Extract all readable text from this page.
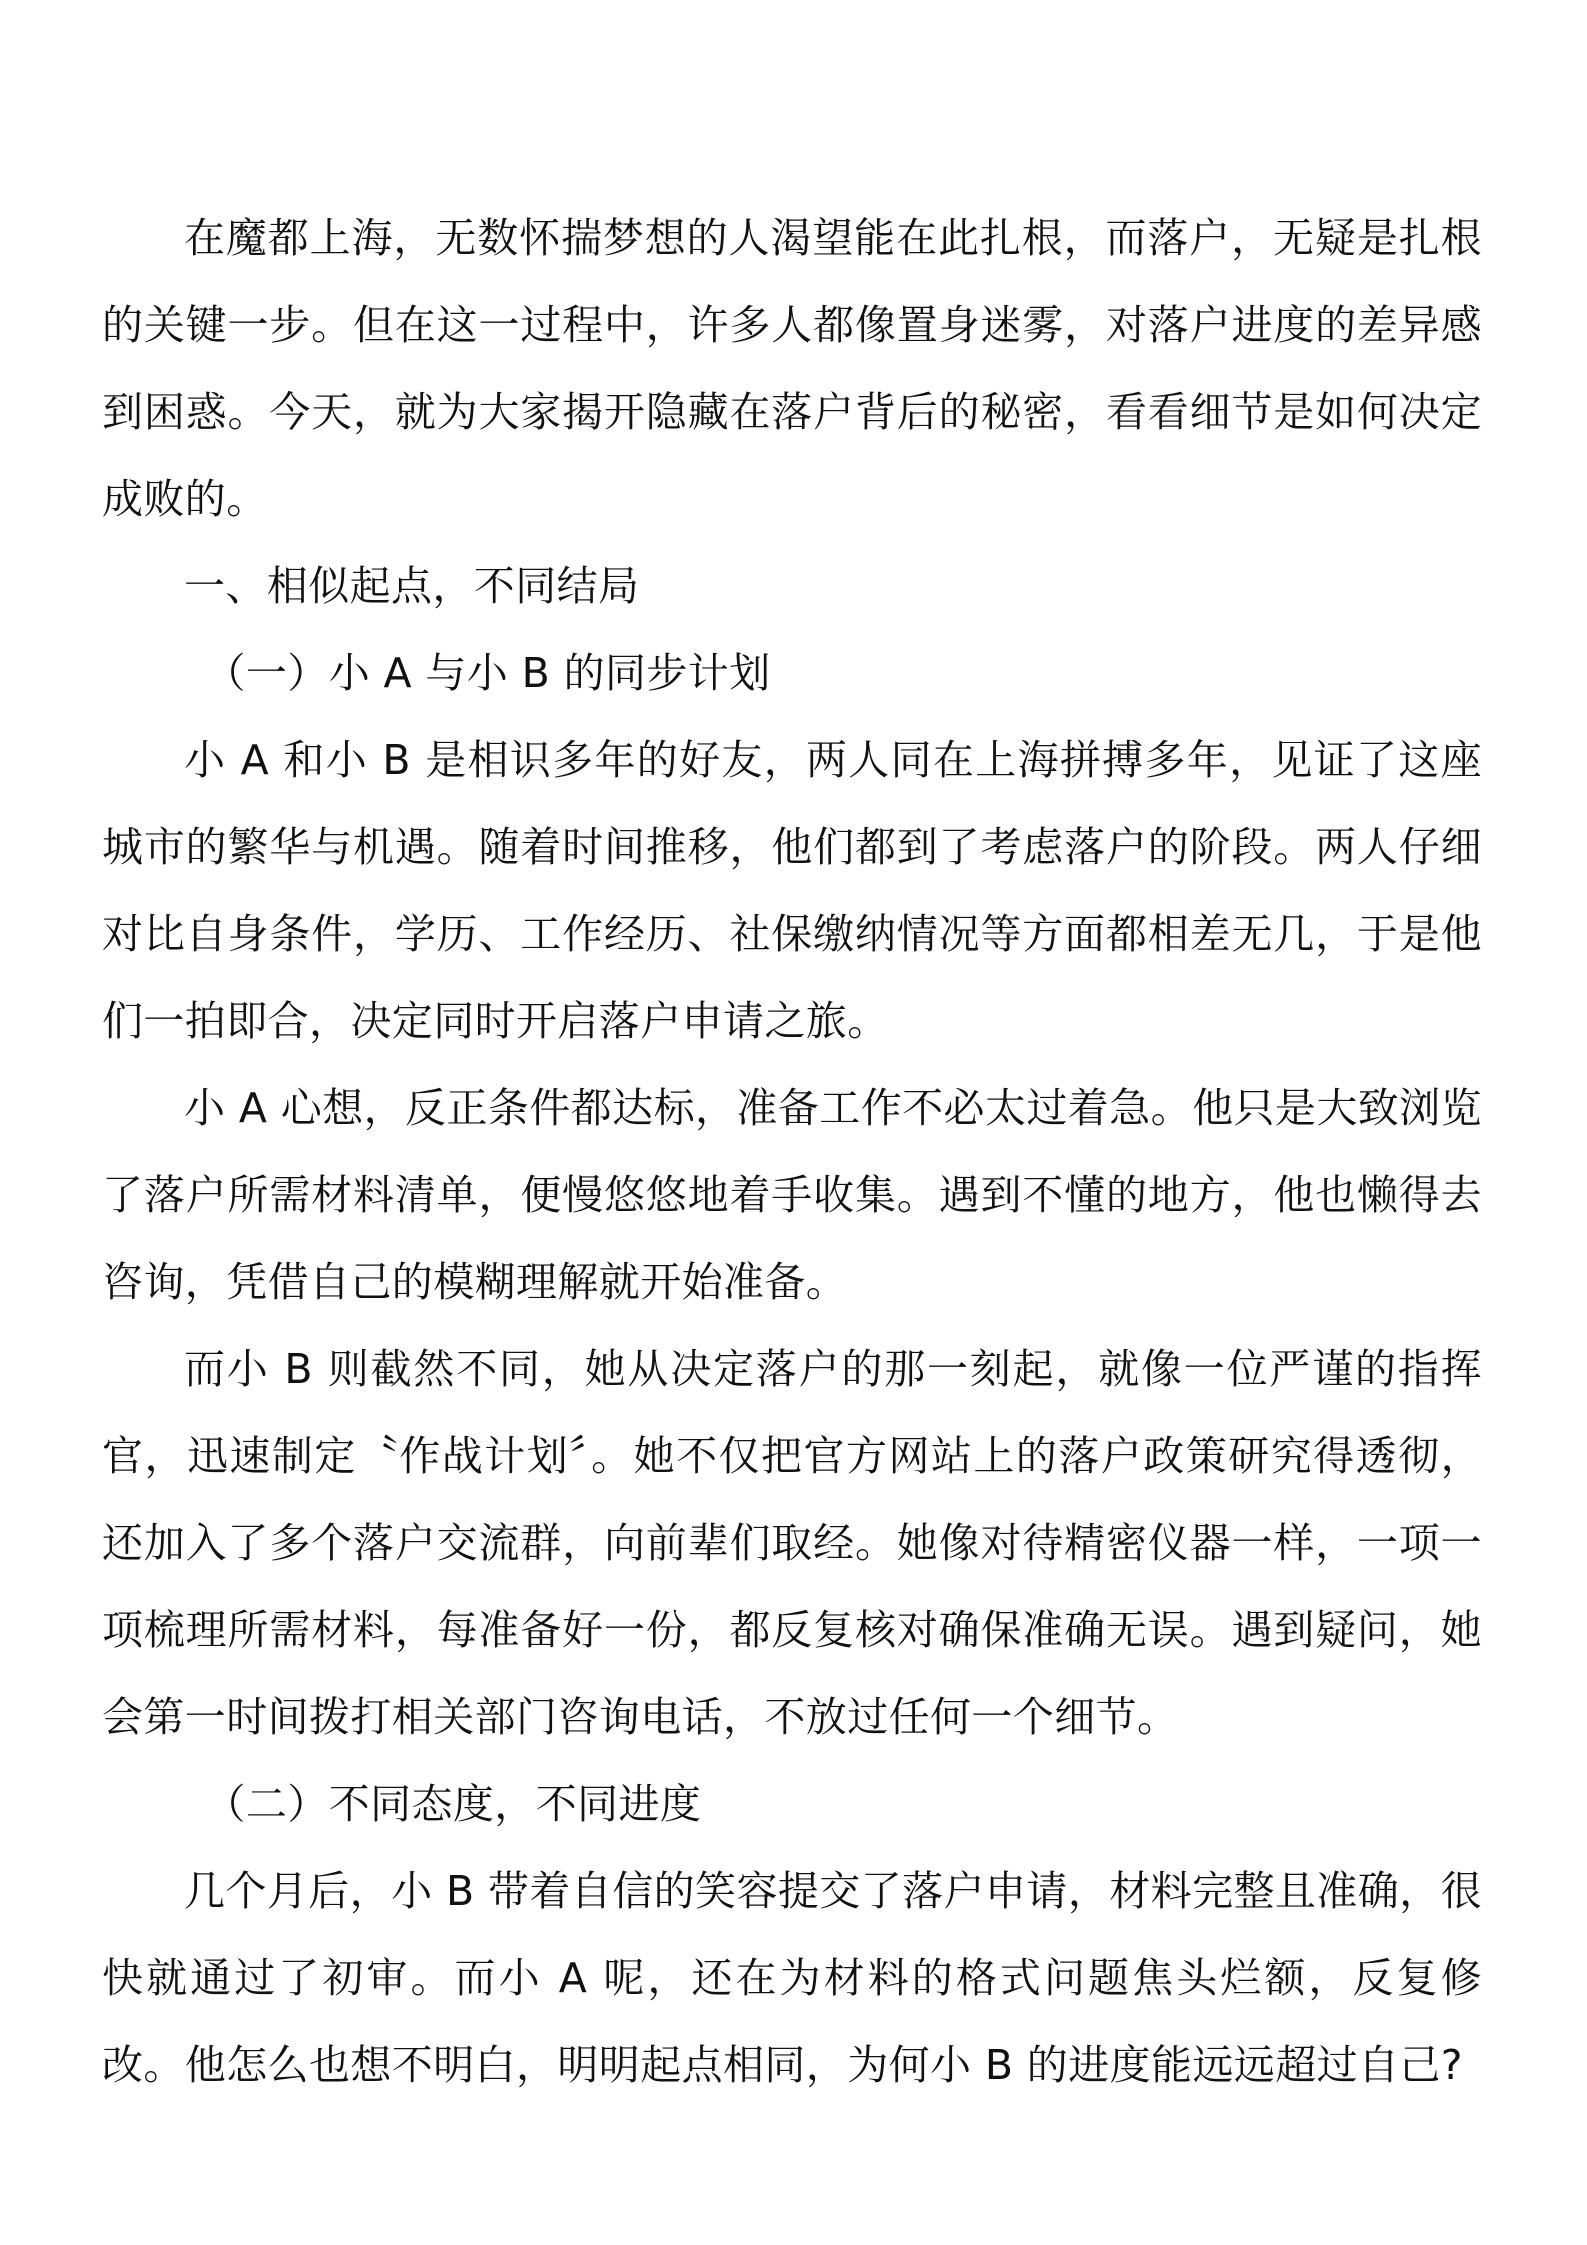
在魔都上海，无数怀揣梦想的人渴望能在此扎根，而落户，无疑是扎根的关键一步。但在这一过程中，许多人都像置身迷雾，对落户进度的差异感到困惑。今天，就为大家揭开隐藏在落户背后的秘密，看看细节是如何决定成败的。

一、相似起点，不同结局

（一）小 A 与小 B 的同步计划

小 A 和小 B 是相识多年的好友，两人同在上海拼搏多年，见证了这座城市的繁华与机遇。随着时间推移，他们都到了考虑落户的阶段。两人仔细对比自身条件，学历、工作经历、社保缴纳情况等方面都相差无几，于是他们一拍即合，决定同时开启落户申请之旅。

小 A 心想，反正条件都达标，准备工作不必太过着急。他只是大致浏览了落户所需材料清单，便慢悠悠地着手收集。遇到不懂的地方，他也懒得去咨询，凭借自己的模糊理解就开始准备。

而小 B 则截然不同，她从决定落户的那一刻起，就像一位严谨的指挥官，迅速制定〝作战计划〞。她不仅把官方网站上的落户政策研究得透彻，还加入了多个落户交流群，向前辈们取经。她像对待精密仪器一样，一项一项梳理所需材料，每准备好一份，都反复核对确保准确无误。遇到疑问，她会第一时间拨打相关部门咨询电话，不放过任何一个细节。

（二）不同态度，不同进度

几个月后，小 B 带着自信的笑容提交了落户申请，材料完整且准确，很快就通过了初审。而小 A 呢，还在为材料的格式问题焦头烂额，反复修改。他怎么也想不明白，明明起点相同，为何小 B 的进度能远远超过自己?
